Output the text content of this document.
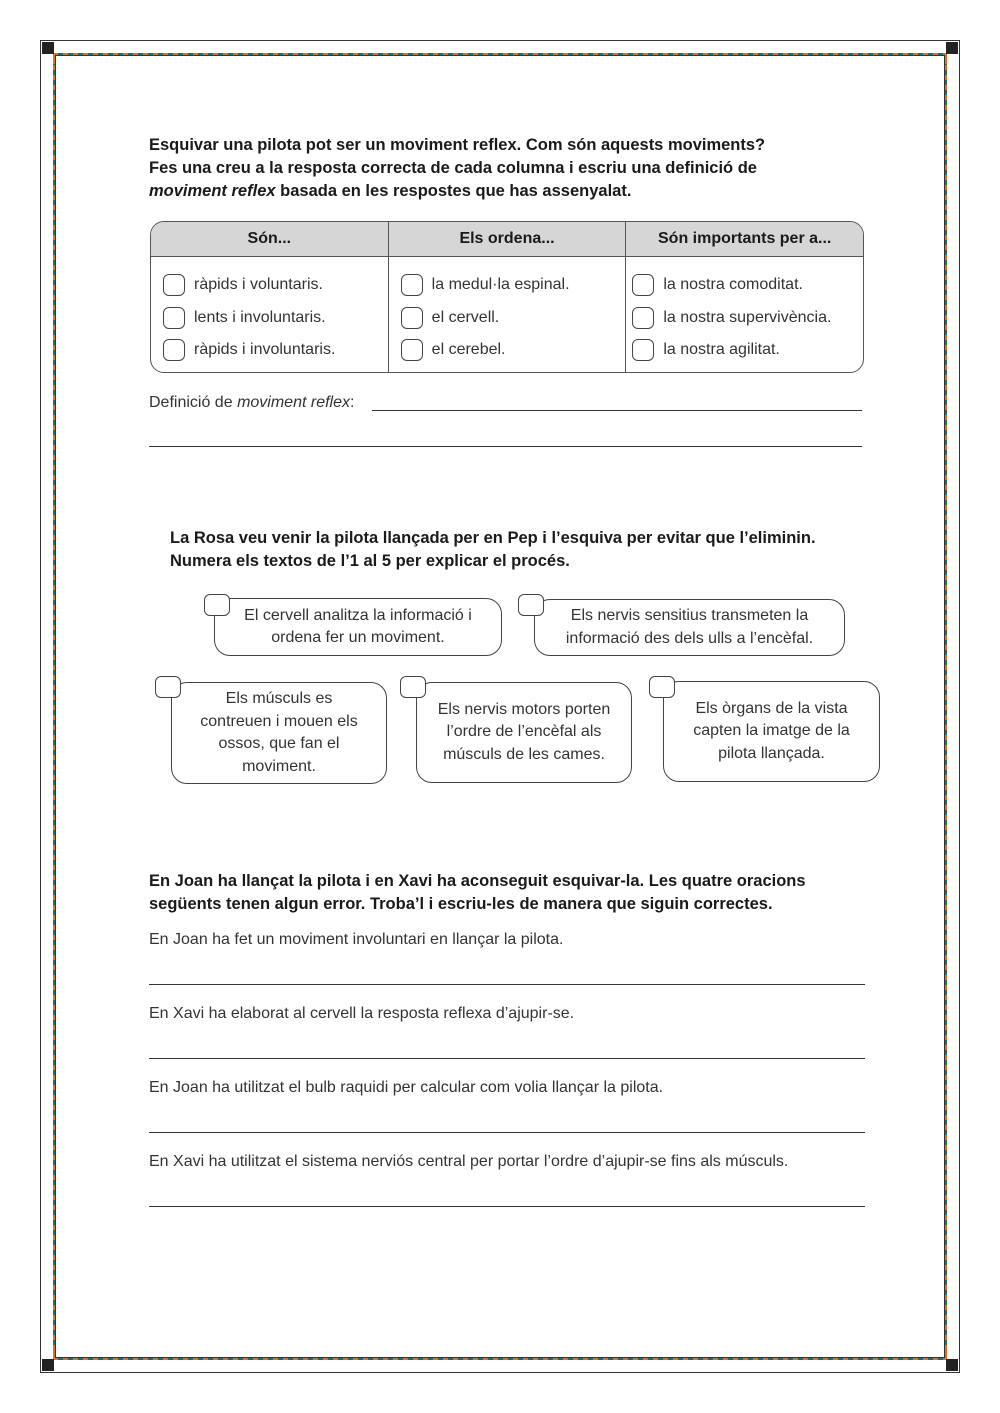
Esquivar una pilota pot ser un moviment reflex. Com són aquests moviments?

Fes una creu a la resposta correcta de cada columna i escriu una definició de

moviment reflex basada en les respostes que has assenyalat.

Són...
ràpids i voluntaris.
lents i involuntaris.
ràpids i involuntaris.
Els ordena...
la medul·la espinal.
el cervell.
el cerebel.
Són importants per a...
la nostra comoditat.
la nostra supervivència.
la nostra agilitat.
Definició de moviment reflex:

La Rosa veu venir la pilota llançada per en Pep i l’esquiva per evitar que l’eliminin.

Numera els textos de l’1 al 5 per explicar el procés.

El cervell analitza la informació i ordena fer un moviment.
Els nervis sensitius transmeten la informació des dels ulls a l’encèfal.
Els músculs es contreuen i mouen els ossos, que fan el moviment.
Els nervis motors porten l’ordre de l’encèfal als músculs de les cames.
Els òrgans de la vista capten la imatge de la pilota llançada.

En Joan ha llançat la pilota i en Xavi ha aconseguit esquivar-la. Les quatre oracions

següents tenen algun error. Troba’l i escriu-les de manera que siguin correctes.

En Joan ha fet un moviment involuntari en llançar la pilota.
En Xavi ha elaborat al cervell la resposta reflexa d’ajupir-se.
En Joan ha utilitzat el bulb raquidi per calcular com volia llançar la pilota.
En Xavi ha utilitzat el sistema nerviós central per portar l’ordre d’ajupir-se fins als músculs.
